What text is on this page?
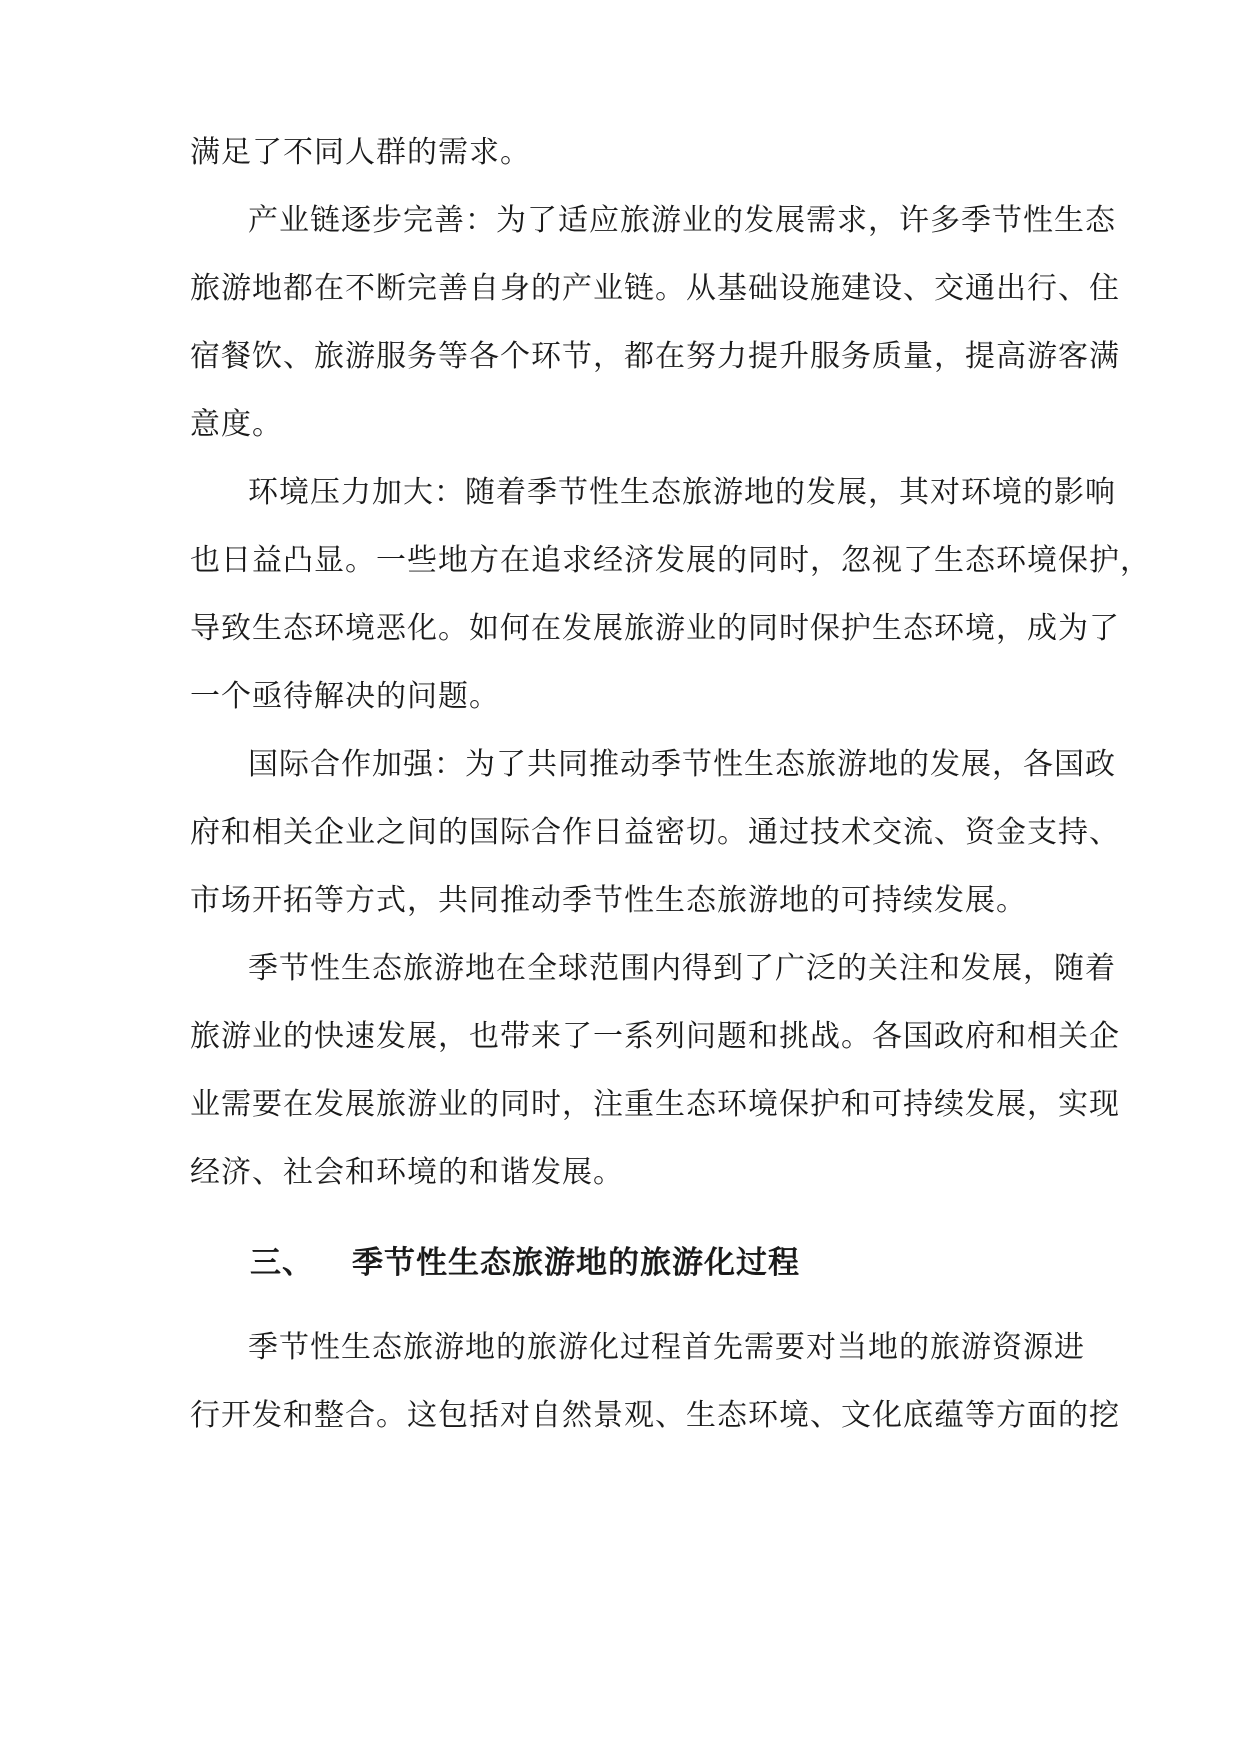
满足了不同人群的需求。
产业链逐步完善：为了适应旅游业的发展需求，许多季节性生态
旅游地都在不断完善自身的产业链。从基础设施建设、交通出行、住
宿餐饮、旅游服务等各个环节，都在努力提升服务质量，提高游客满
意度。
环境压力加大：随着季节性生态旅游地的发展，其对环境的影响
也日益凸显。一些地方在追求经济发展的同时，忽视了生态环境保护，
导致生态环境恶化。如何在发展旅游业的同时保护生态环境，成为了
一个亟待解决的问题。
国际合作加强：为了共同推动季节性生态旅游地的发展，各国政
府和相关企业之间的国际合作日益密切。通过技术交流、资金支持、
市场开拓等方式，共同推动季节性生态旅游地的可持续发展。
季节性生态旅游地在全球范围内得到了广泛的关注和发展，随着
旅游业的快速发展，也带来了一系列问题和挑战。各国政府和相关企
业需要在发展旅游业的同时，注重生态环境保护和可持续发展，实现
经济、社会和环境的和谐发展。
三、 季节性生态旅游地的旅游化过程
季节性生态旅游地的旅游化过程首先需要对当地的旅游资源进
行开发和整合。这包括对自然景观、生态环境、文化底蕴等方面的挖
